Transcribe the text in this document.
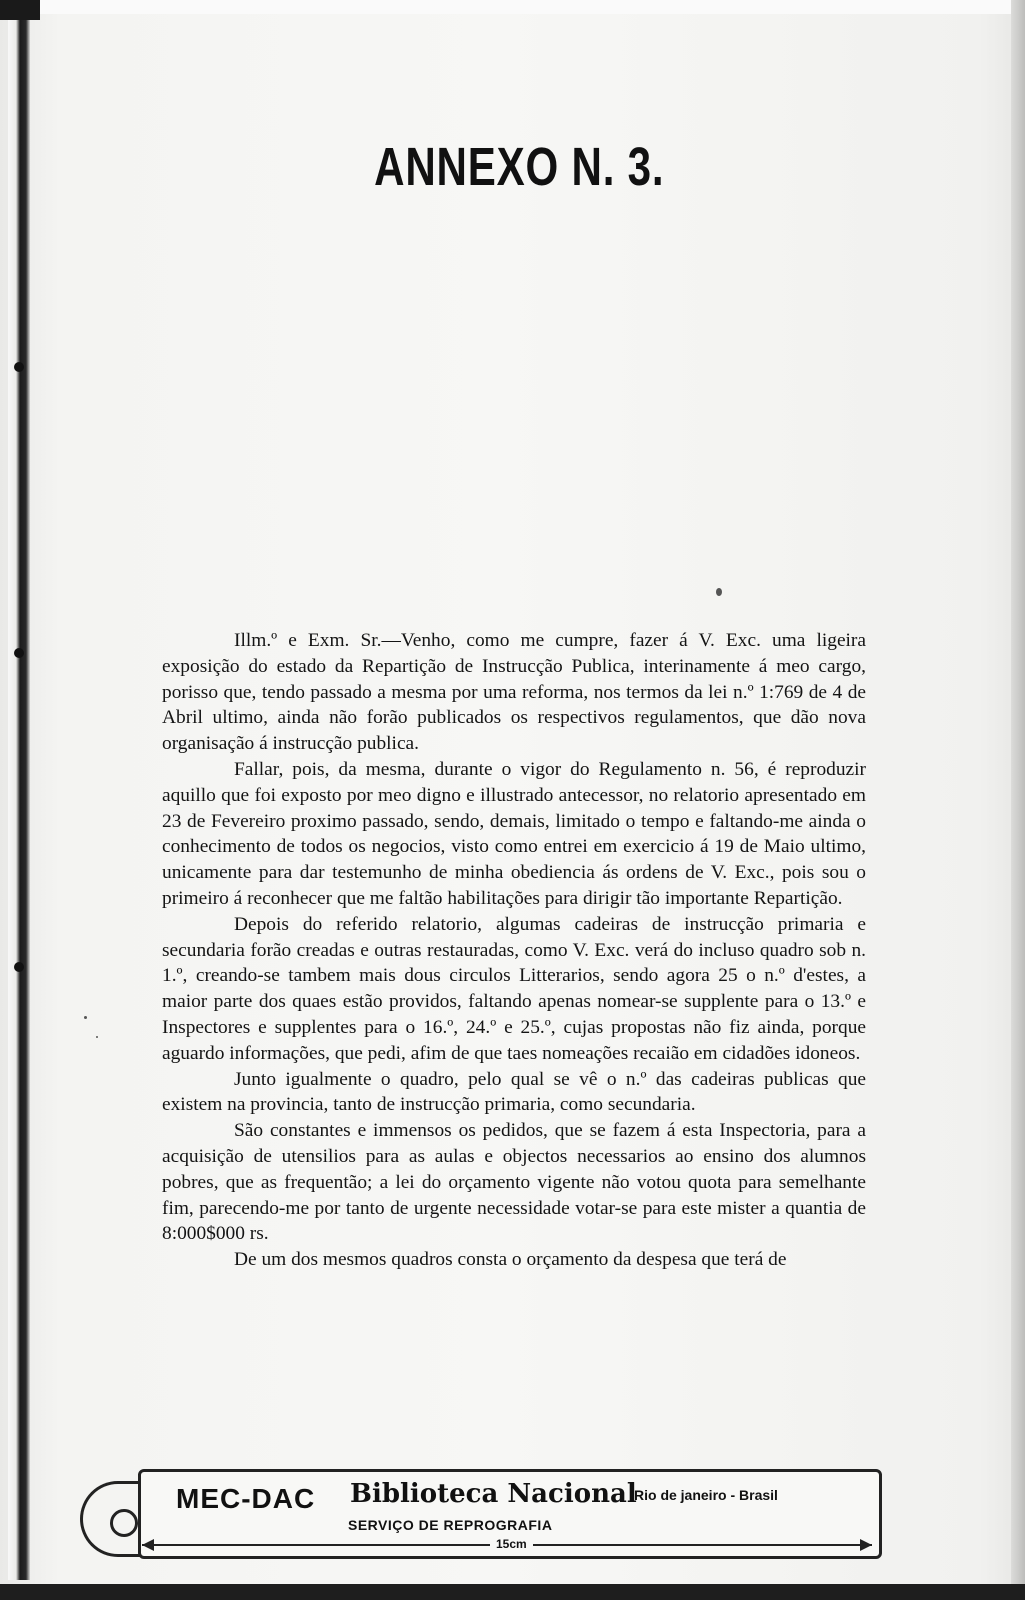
ANNEXO N. 3.

Illm.º e Exm. Sr.—Venho, como me cumpre, fazer á V. Exc. uma ligeira exposição do estado da Repartição de Instrucção Publica, interinamente á meo cargo, porisso que, tendo passado a mesma por uma reforma, nos termos da lei n.º 1:769 de 4 de Abril ultimo, ainda não forão publicados os respectivos regulamentos, que dão nova organisação á instrucção publica.

Fallar, pois, da mesma, durante o vigor do Regulamento n. 56, é reproduzir aquillo que foi exposto por meo digno e illustrado antecessor, no relatorio apresentado em 23 de Fevereiro proximo passado, sendo, demais, limitado o tempo e faltando-me ainda o conhecimento de todos os negocios, visto como entrei em exercicio á 19 de Maio ultimo, unicamente para dar testemunho de minha obediencia ás ordens de V. Exc., pois sou o primeiro á reconhecer que me faltão habilitações para dirigir tão importante Repartição.

Depois do referido relatorio, algumas cadeiras de instrucção primaria e secundaria forão creadas e outras restauradas, como V. Exc. verá do incluso quadro sob n. 1.º, creando-se tambem mais dous circulos Litterarios, sendo agora 25 o n.º d'estes, a maior parte dos quaes estão providos, faltando apenas nomear-se supplente para o 13.º e Inspectores e supplentes para o 16.º, 24.º e 25.º, cujas propostas não fiz ainda, porque aguardo informações, que pedi, afim de que taes nomeações recaião em cidadões idoneos.

Junto igualmente o quadro, pelo qual se vê o n.º das cadeiras publicas que existem na provincia, tanto de instrucção primaria, como secundaria.

São constantes e immensos os pedidos, que se fazem á esta Inspectoria, para a acquisição de utensilios para as aulas e objectos necessarios ao ensino dos alumnos pobres, que as frequentão; a lei do orçamento vigente não votou quota para semelhante fim, parecendo-me por tanto de urgente necessidade votar-se para este mister a quantia de 8:000$000 rs.

De um dos mesmos quadros consta o orçamento da despesa que terá de

MEC-DAC Biblioteca Nacional
Rio de janeiro - Brasil
SERVIÇO DE REPROGRAFIA
15cm
